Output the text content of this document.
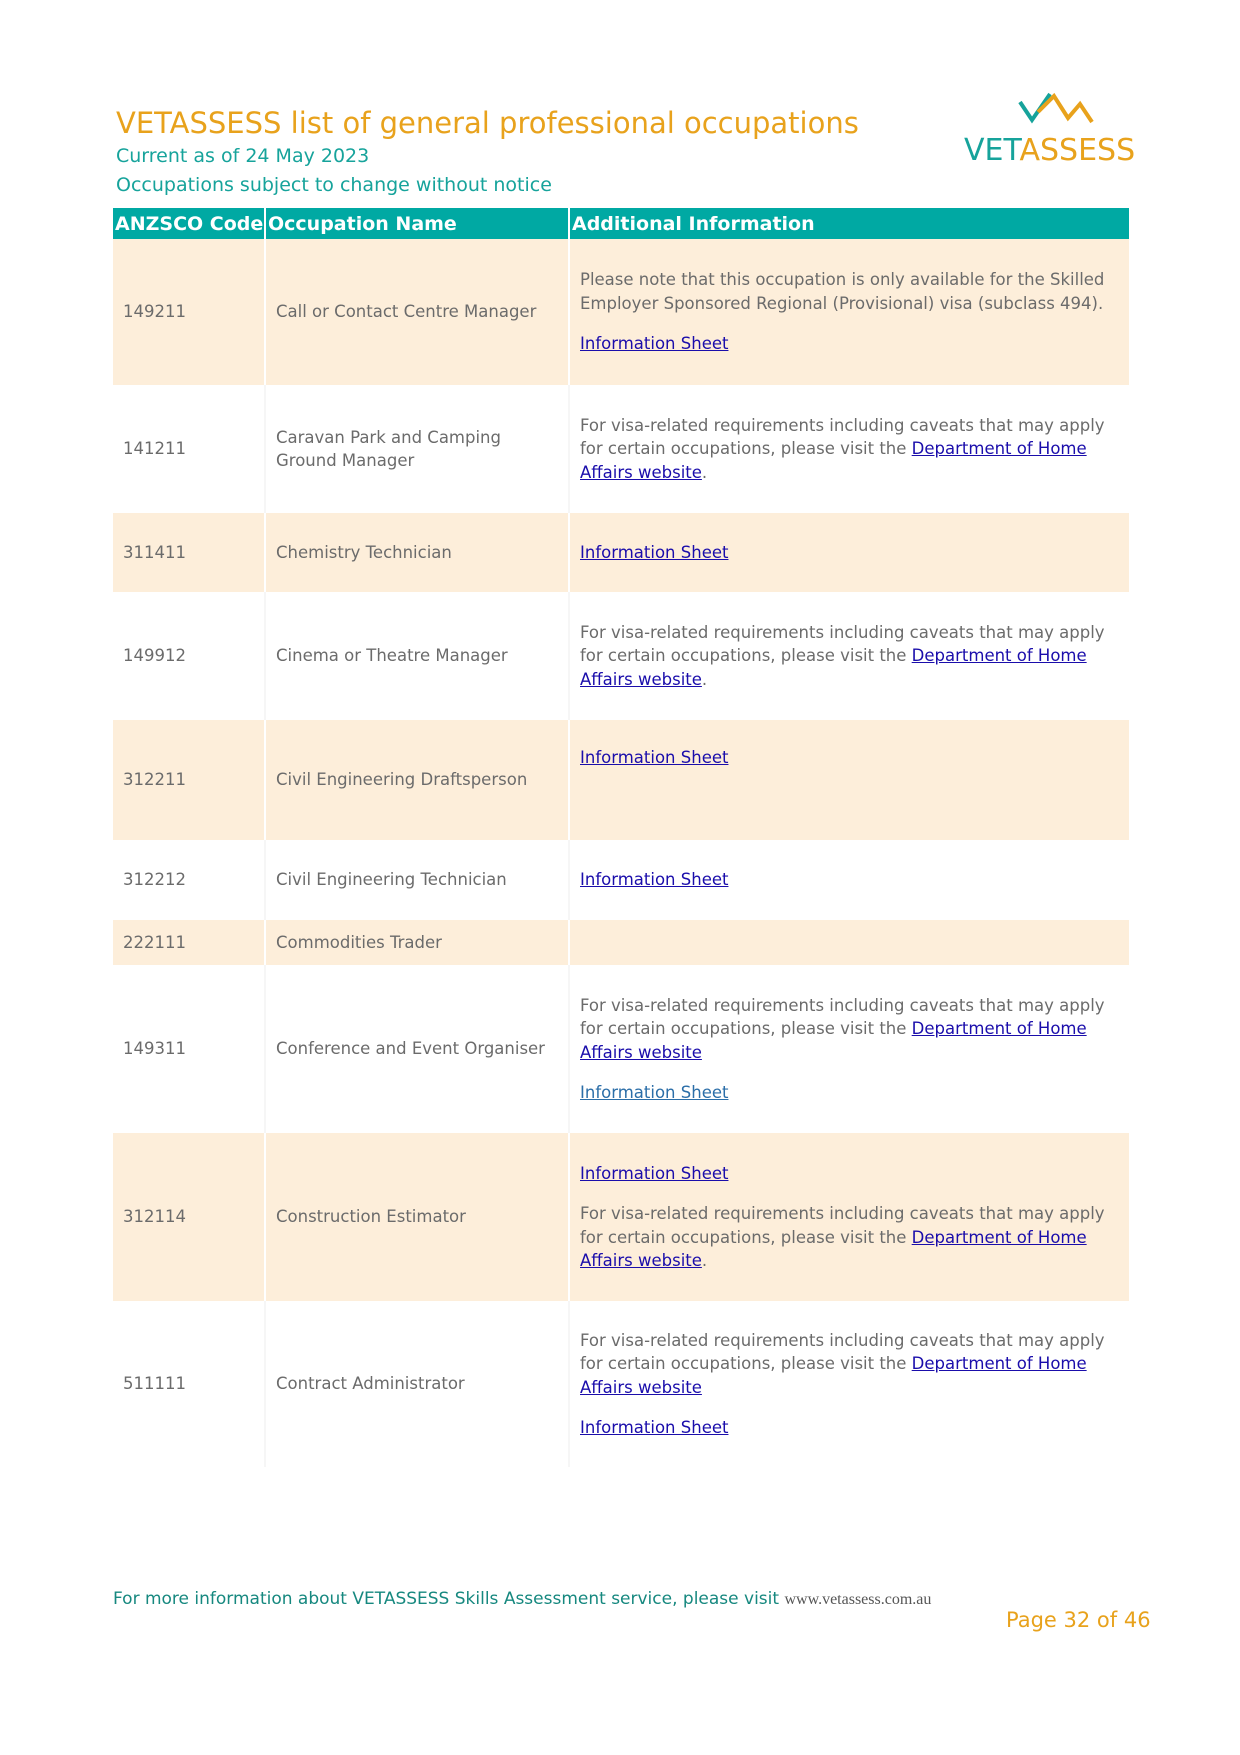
VETASSESS list of general professional occupations
Current as of 24 May 2023
Occupations subject to change without notice
VETASSESS
ANZSCO Code	Occupation Name	Additional Information
149211	Call or Contact Centre Manager	Please note that this occupation is only available for the Skilled Employer Sponsored Regional (Provisional) visa (subclass 494).

Information Sheet

141211	Caravan Park and Camping Ground Manager	For visa-related requirements including caveats that may apply for certain occupations, please visit the Department of Home Affairs website.

311411	Chemistry Technician	Information Sheet

149912	Cinema or Theatre Manager	For visa-related requirements including caveats that may apply for certain occupations, please visit the Department of Home Affairs website.

312211	Civil Engineering Draftsperson	Information Sheet

312212	Civil Engineering Technician	Information Sheet

222111	Commodities Trader	
149311	Conference and Event Organiser	For visa-related requirements including caveats that may apply for certain occupations, please visit the Department of Home Affairs website

Information Sheet

312114	Construction Estimator	Information Sheet

For visa-related requirements including caveats that may apply for certain occupations, please visit the Department of Home Affairs website.

511111	Contract Administrator	For visa-related requirements including caveats that may apply for certain occupations, please visit the Department of Home Affairs website

Information Sheet

For more information about VETASSESS Skills Assessment service, please visit www.vetassess.com.au
Page 32 of 46
